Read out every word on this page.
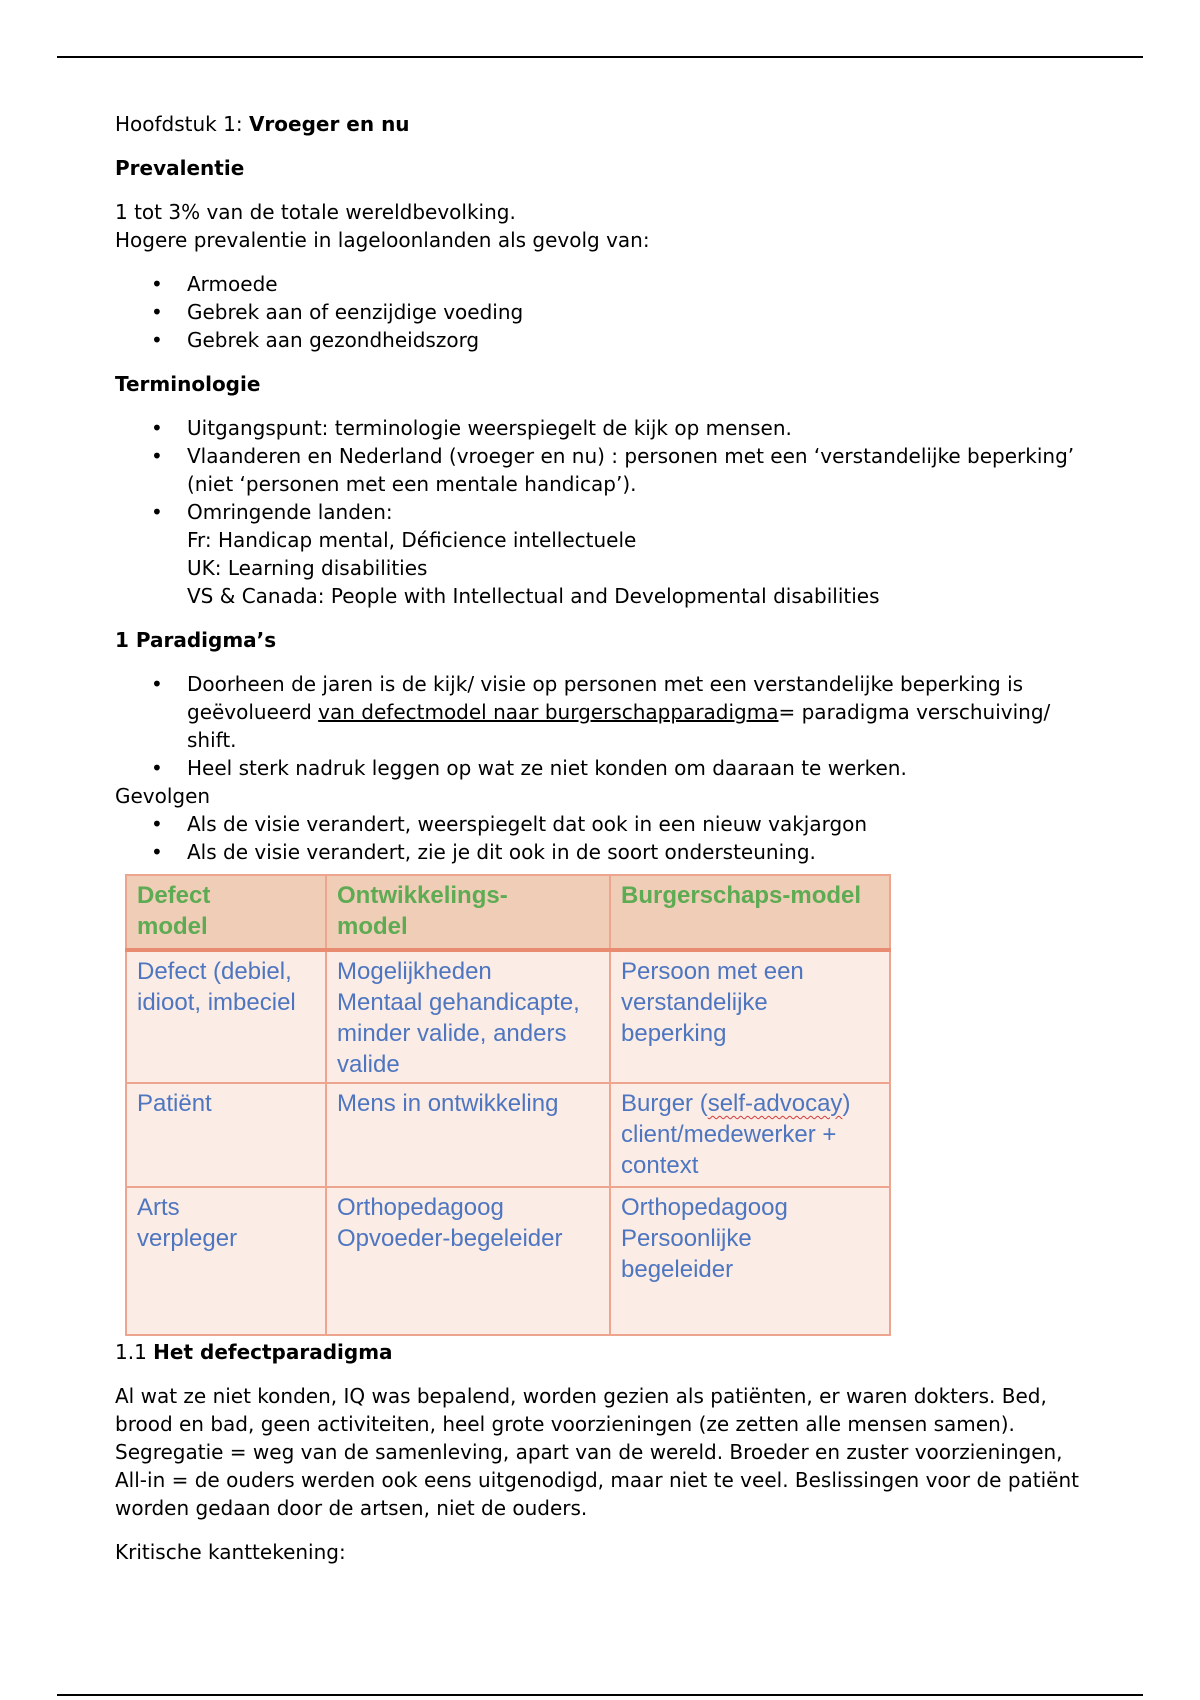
Hoofdstuk 1: Vroeger en nu

Prevalentie

1 tot 3% van de totale wereldbevolking.

Hogere prevalentie in lageloonlanden als gevolg van:

• Armoede
• Gebrek aan of eenzijdige voeding
• Gebrek aan gezondheidszorg

Terminologie

• Uitgangspunt: terminologie weerspiegelt de kijk op mensen.
• Vlaanderen en Nederland (vroeger en nu) : personen met een ‘verstandelijke beperking’ (niet ‘personen met een mentale handicap’).
• Omringende landen:
Fr: Handicap mental, Déficience intellectuele
UK: Learning disabilities
VS & Canada: People with Intellectual and Developmental disabilities

1 Paradigma’s

• Doorheen de jaren is de kijk/ visie op personen met een verstandelijke beperking is geëvolueerd van defectmodel naar burgerschapparadigma= paradigma verschuiving/ shift.
• Heel sterk nadruk leggen op wat ze niet konden om daaraan te werken.

Gevolgen

• Als de visie verandert, weerspiegelt dat ook in een nieuw vakjargon
• Als de visie verandert, zie je dit ook in de soort ondersteuning.
Defect
model	Ontwikkelings-
model	Burgerschaps-model

Defect (debiel,
idioot, imbeciel	Mogelijkheden
Mentaal gehandicapte,
minder valide, anders
valide	Persoon met een
verstandelijke
beperking

Patiënt	Mens in ontwikkeling	Burger (self-advocay)
client/medewerker +
context

Arts
verpleger	Orthopedagoog
Opvoeder-begeleider	Orthopedagoog
Persoonlijke
begeleider

1.1 Het defectparadigma

Al wat ze niet konden, IQ was bepalend, worden gezien als patiënten, er waren dokters. Bed, brood en bad, geen activiteiten, heel grote voorzieningen (ze zetten alle mensen samen). Segregatie = weg van de samenleving, apart van de wereld. Broeder en zuster voorzieningen, All-in = de ouders werden ook eens uitgenodigd, maar niet te veel. Beslissingen voor de patiënt worden gedaan door de artsen, niet de ouders.

Kritische kanttekening:
